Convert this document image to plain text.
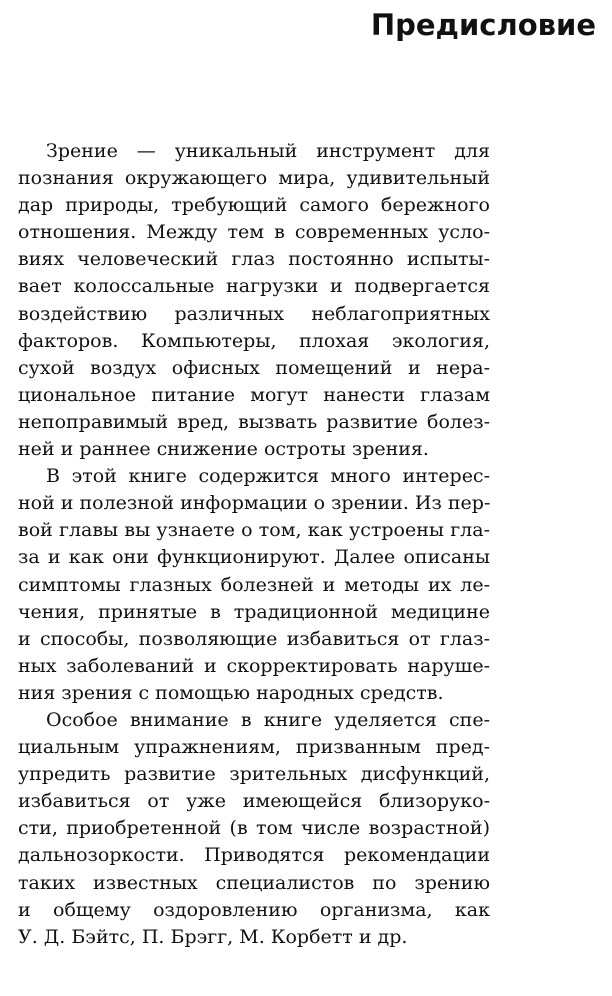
Предисловие
Зрение — уникальный инструмент для
познания окружающего мира, удивительный
дар природы, требующий самого бережного
отношения. Между тем в современных усло-
виях человеческий глаз постоянно испыты-
вает колоссальные нагрузки и подвергается
воздействию различных неблагоприятных
факторов. Компьютеры, плохая экология,
сухой воздух офисных помещений и нера-
циональное питание могут нанести глазам
непоправимый вред, вызвать развитие болез-
ней и раннее снижение остроты зрения.
В этой книге содержится много интерес-
ной и полезной информации о зрении. Из пер-
вой главы вы узнаете о том, как устроены гла-
за и как они функционируют. Далее описаны
симптомы глазных болезней и методы их ле-
чения, принятые в традиционной медицине
и способы, позволяющие избавиться от глаз-
ных заболеваний и скорректировать наруше-
ния зрения с помощью народных средств.
Особое внимание в книге уделяется спе-
циальным упражнениям, призванным пред-
упредить развитие зрительных дисфункций,
избавиться от уже имеющейся близоруко-
сти, приобретенной (в том числе возрастной)
дальнозоркости. Приводятся рекомендации
таких известных специалистов по зрению
и общему оздоровлению организма, как
У. Д. Бэйтс, П. Брэгг, М. Корбетт и др.
